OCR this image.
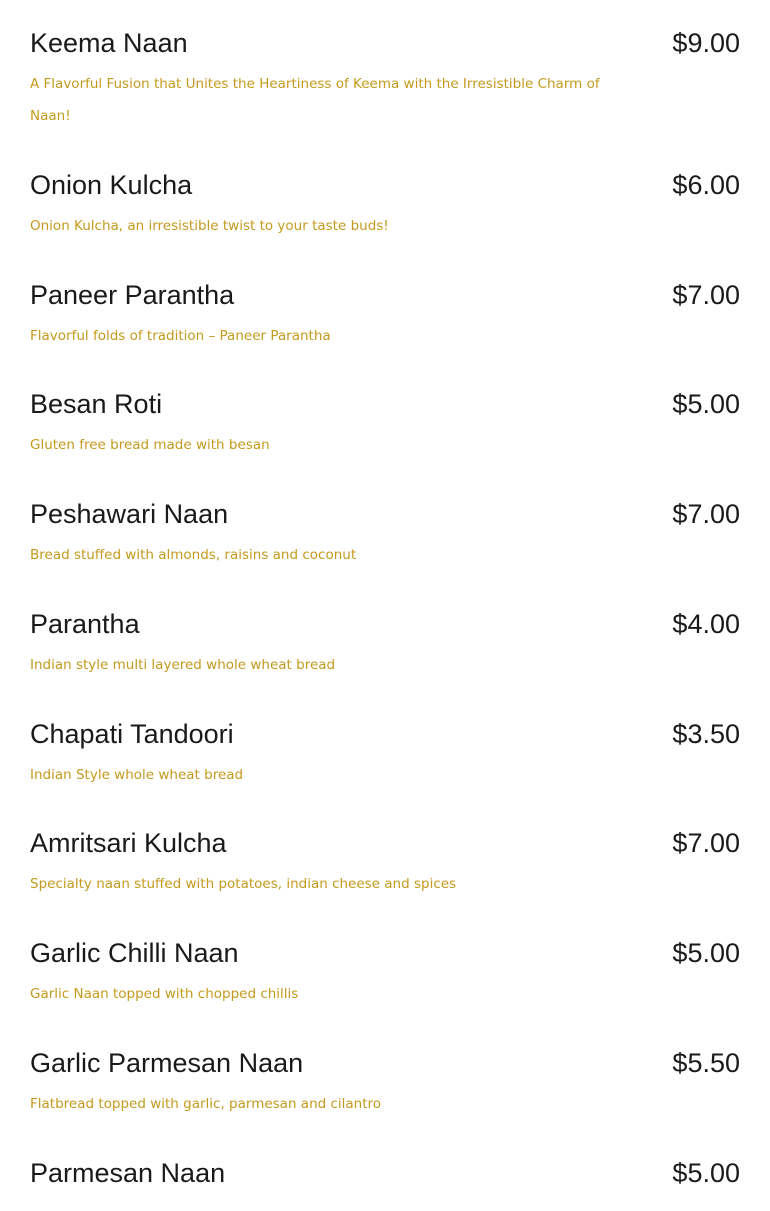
Keema Naan	$9.00
A Flavorful Fusion that Unites the Heartiness of Keema with the Irresistible Charm of Naan!
Onion Kulcha	$6.00
Onion Kulcha, an irresistible twist to your taste buds!
Paneer Parantha	$7.00
Flavorful folds of tradition – Paneer Parantha
Besan Roti	$5.00
Gluten free bread made with besan
Peshawari Naan	$7.00
Bread stuffed with almonds, raisins and coconut
Parantha	$4.00
Indian style multi layered whole wheat bread
Chapati Tandoori	$3.50
Indian Style whole wheat bread
Amritsari Kulcha	$7.00
Specialty naan stuffed with potatoes, indian cheese and spices
Garlic Chilli Naan	$5.00
Garlic Naan topped with chopped chillis
Garlic Parmesan Naan	$5.50
Flatbread topped with garlic, parmesan and cilantro
Parmesan Naan	$5.00
